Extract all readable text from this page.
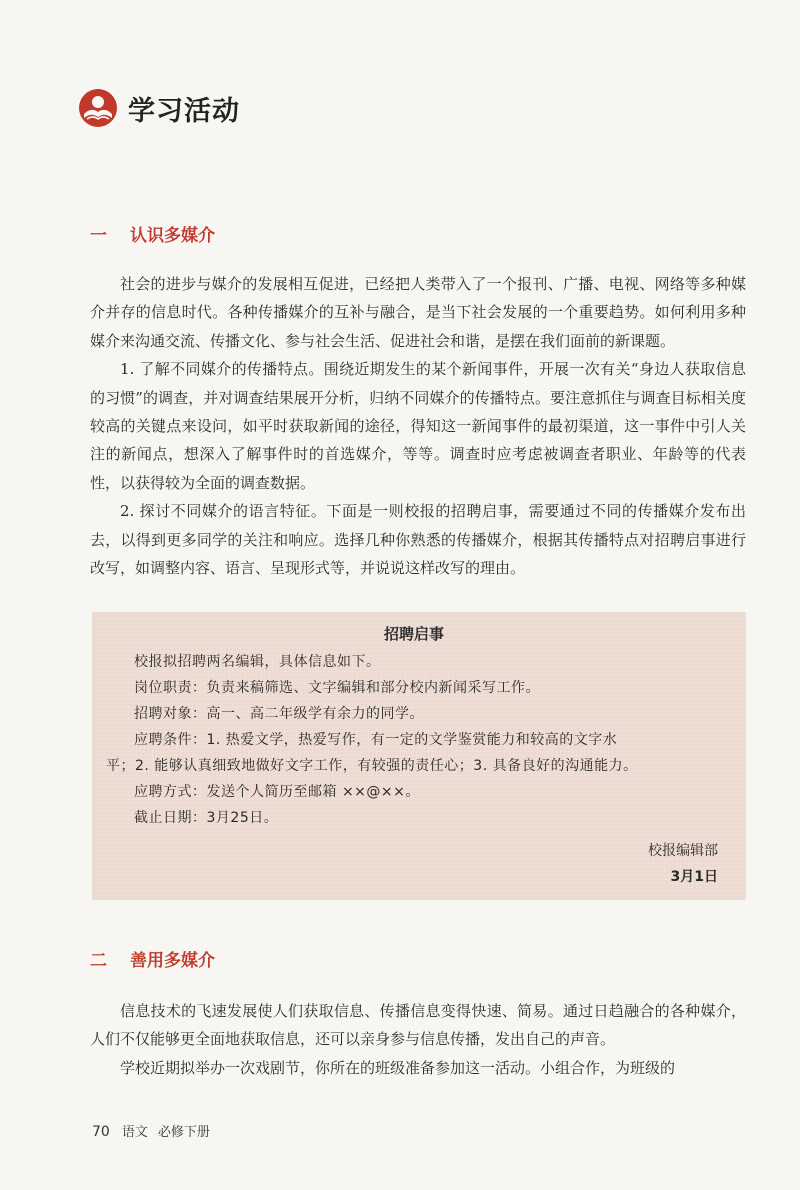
学习活动
一 认识多媒介

社会的进步与媒介的发展相互促进，已经把人类带入了一个报刊、广播、电视、网络等多种媒介并存的信息时代。各种传播媒介的互补与融合，是当下社会发展的一个重要趋势。如何利用多种媒介来沟通交流、传播文化、参与社会生活、促进社会和谐，是摆在我们面前的新课题。

1. 了解不同媒介的传播特点。围绕近期发生的某个新闻事件，开展一次有关“身边人获取信息的习惯”的调查，并对调查结果展开分析，归纳不同媒介的传播特点。要注意抓住与调查目标相关度较高的关键点来设问，如平时获取新闻的途径，得知这一新闻事件的最初渠道，这一事件中引人关注的新闻点，想深入了解事件时的首选媒介，等等。调查时应考虑被调查者职业、年龄等的代表性，以获得较为全面的调查数据。

2. 探讨不同媒介的语言特征。下面是一则校报的招聘启事，需要通过不同的传播媒介发布出去，以得到更多同学的关注和响应。选择几种你熟悉的传播媒介，根据其传播特点对招聘启事进行改写，如调整内容、语言、呈现形式等，并说说这样改写的理由。

招聘启事
校报拟招聘两名编辑，具体信息如下。
岗位职责：负责来稿筛选、文字编辑和部分校内新闻采写工作。
招聘对象：高一、高二年级学有余力的同学。
应聘条件：1. 热爱文学，热爱写作，有一定的文学鉴赏能力和较高的文字水
平；2. 能够认真细致地做好文字工作，有较强的责任心；3. 具备良好的沟通能力。
应聘方式：发送个人简历至邮箱 ××@××。
截止日期：3月25日。
校报编辑部
3月1日
二 善用多媒介

信息技术的飞速发展使人们获取信息、传播信息变得快速、简易。通过日趋融合的各种媒介，人们不仅能够更全面地获取信息，还可以亲身参与信息传播，发出自己的声音。

学校近期拟举办一次戏剧节，你所在的班级准备参加这一活动。小组合作，为班级的

70 语文 必修下册
